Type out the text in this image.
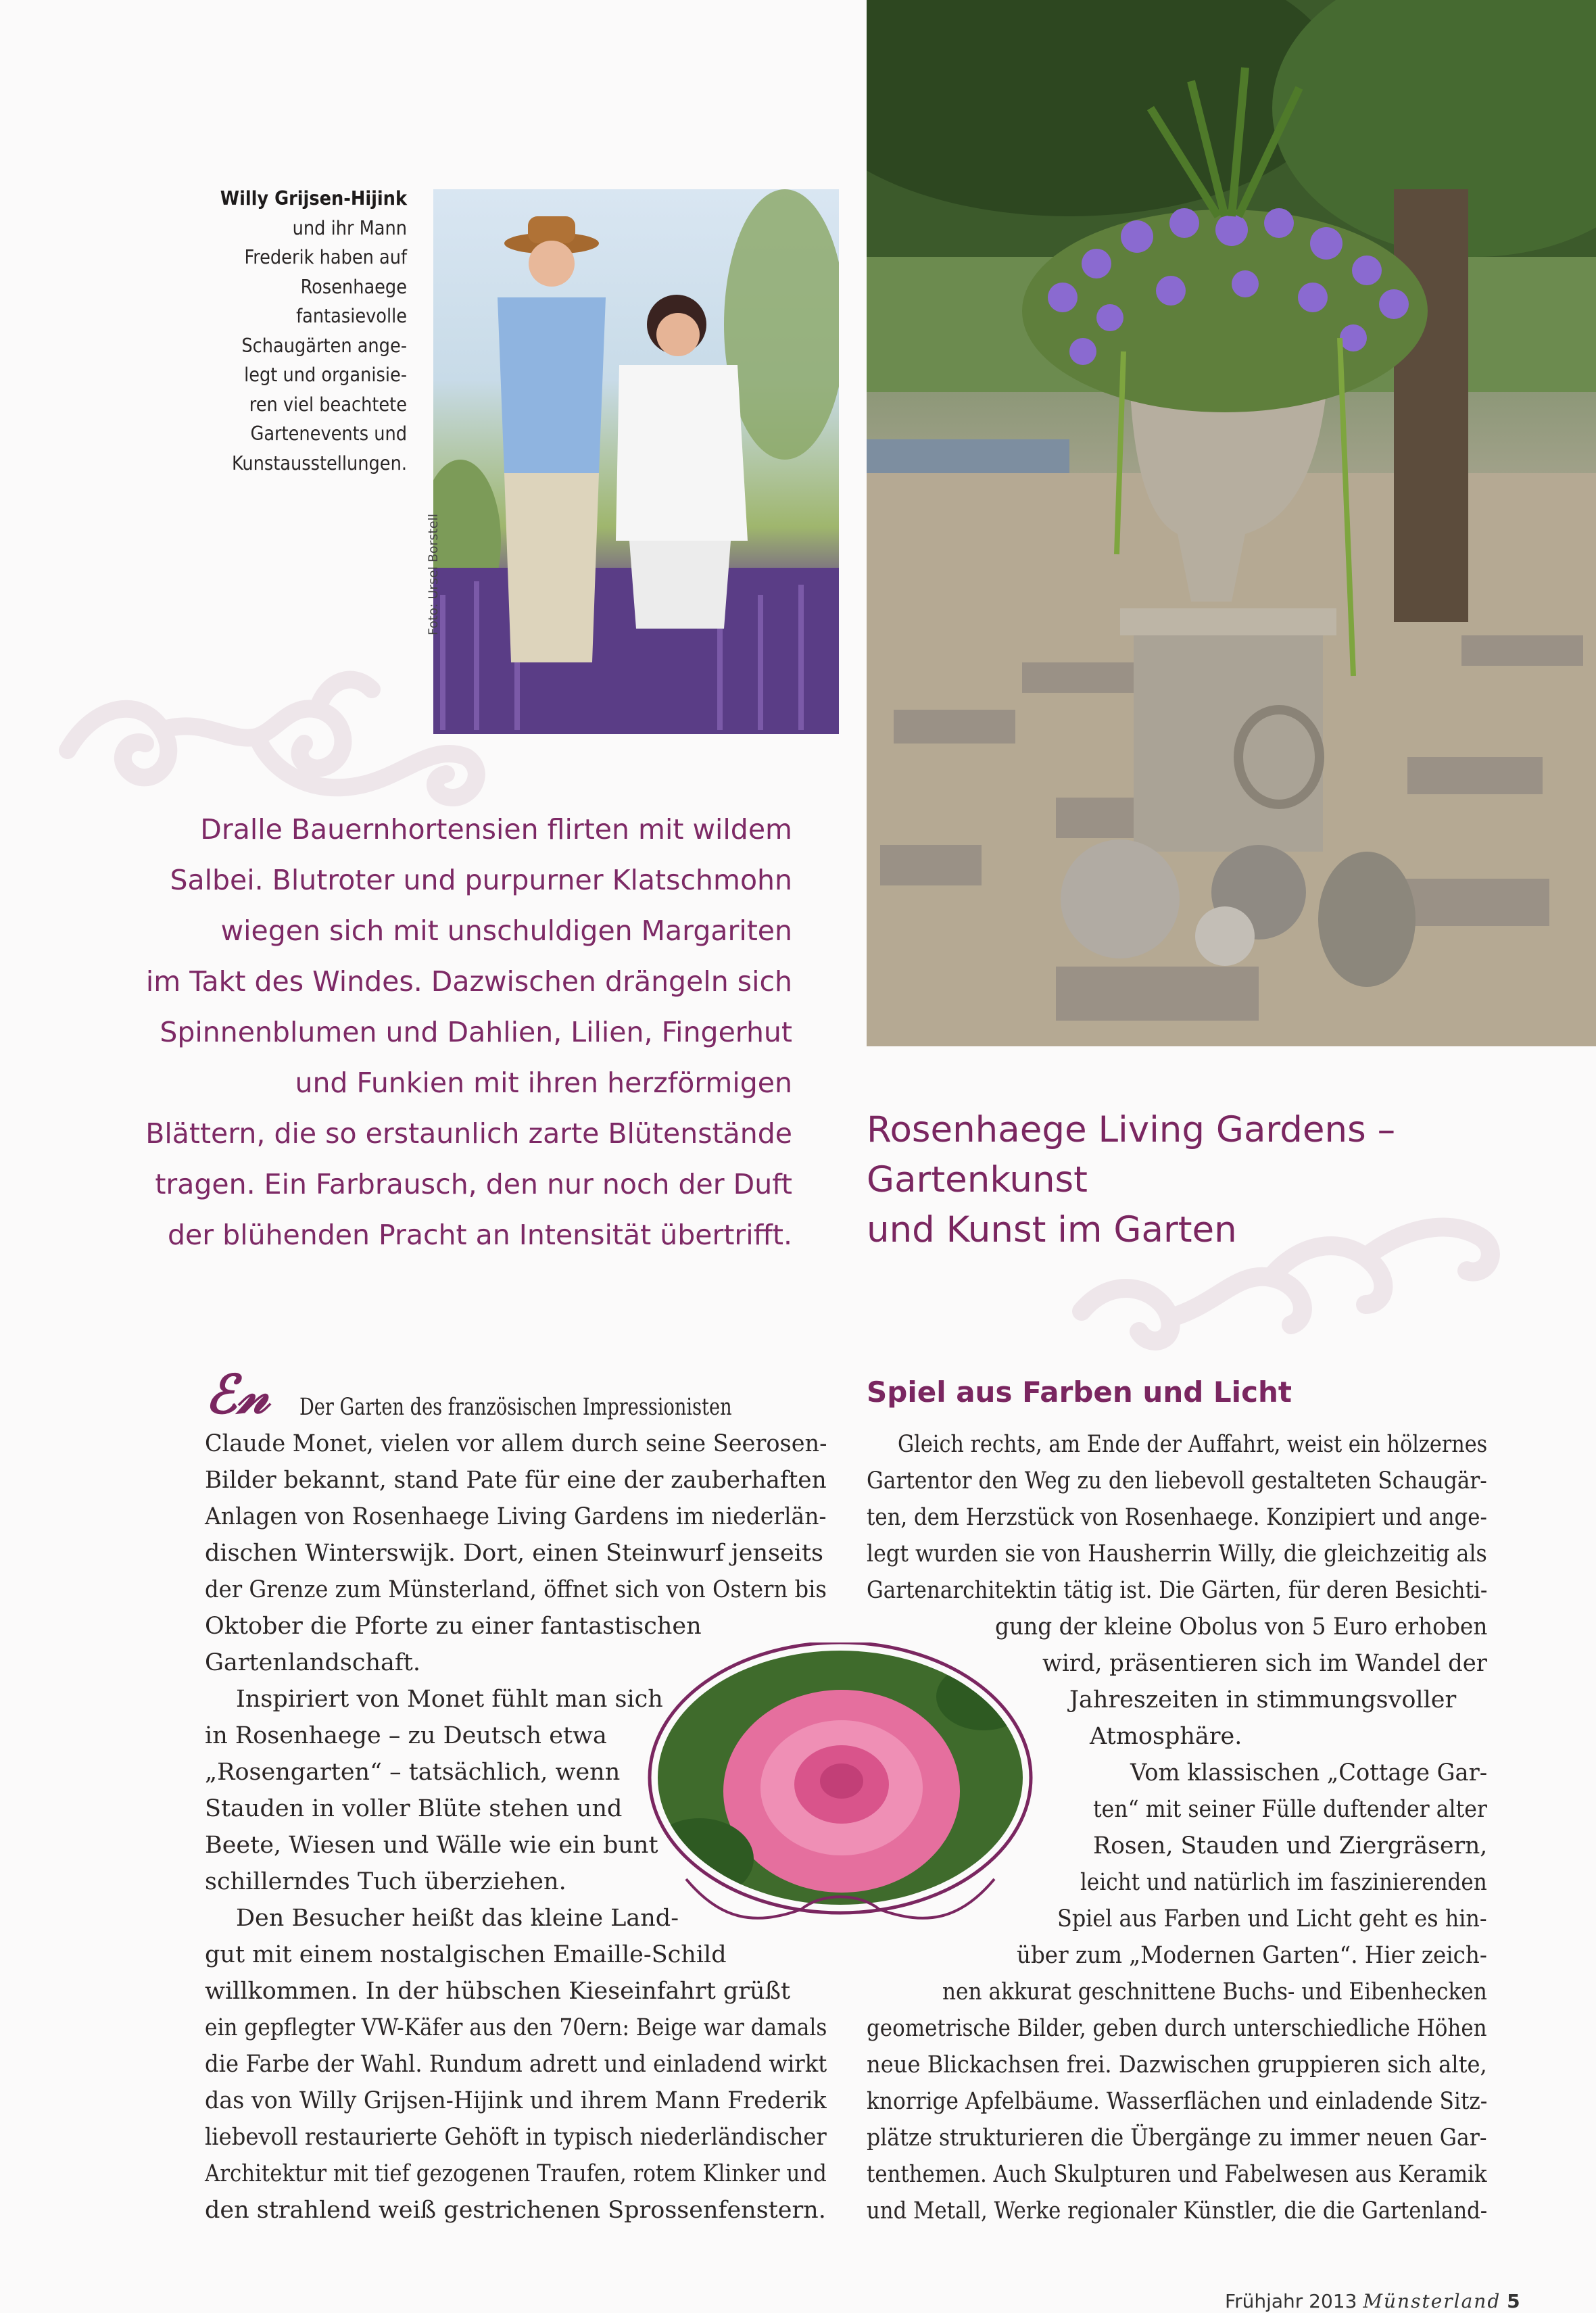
Willy Grijsen-Hijink
und ihr Mann
Frederik haben auf
Rosenhaege
fantasievolle
Schaugärten ange-
legt und organisie-
ren viel beachtete
Gartenevents und
Kunstausstellungen.
Foto: Ursel Borstell
Dralle Bauernhortensien flirten mit wildem
Salbei. Blutroter und purpurner Klatschmohn
wiegen sich mit unschuldigen Margariten
im Takt des Windes. Dazwischen drängeln sich
Spinnenblumen und Dahlien, Lilien, Fingerhut
und Funkien mit ihren herzförmigen
Blättern, die so erstaunlich zarte Blütenstände
tragen. Ein Farbrausch, den nur noch der Duft
der blühenden Pracht an Intensität übertrifft.
Rosenhaege Living Gardens –
Gartenkunst
und Kunst im Garten
ℰ𝓃	Der Garten des französischen Impressionisten
Claude Monet, vielen vor allem durch seine Seerosen-
Bilder bekannt, stand Pate für eine der zauberhaften
Anlagen von Rosenhaege Living Gardens im niederlän-
dischen Winterswijk. Dort, einen Steinwurf jenseits
der Grenze zum Münsterland, öffnet sich von Ostern bis
Oktober die Pforte zu einer fantastischen
Gartenlandschaft.
Inspiriert von Monet fühlt man sich
in Rosenhaege – zu Deutsch etwa
„Rosengarten“ – tatsächlich, wenn
Stauden in voller Blüte stehen und
Beete, Wiesen und Wälle wie ein bunt
schillerndes Tuch überziehen.
Den Besucher heißt das kleine Land-
gut mit einem nostalgischen Emaille-Schild
willkommen. In der hübschen Kieseinfahrt grüßt
ein gepflegter VW-Käfer aus den 70ern: Beige war damals
die Farbe der Wahl. Rundum adrett und einladend wirkt
das von Willy Grijsen-Hijink und ihrem Mann Frederik
liebevoll restaurierte Gehöft in typisch niederländischer
Architektur mit tief gezogenen Traufen, rotem Klinker und
den strahlend weiß gestrichenen Sprossenfenstern.
Spiel aus Farben und Licht
Gleich rechts, am Ende der Auffahrt, weist ein hölzernes
Gartentor den Weg zu den liebevoll gestalteten Schaugär-
ten, dem Herzstück von Rosenhaege. Konzipiert und ange-
legt wurden sie von Hausherrin Willy, die gleichzeitig als
Gartenarchitektin tätig ist. Die Gärten, für deren Besichti-
gung der kleine Obolus von 5 Euro erhoben
wird, präsentieren sich im Wandel der
Jahreszeiten in stimmungsvoller
Atmosphäre.
Vom klassischen „Cottage Gar-
ten“ mit seiner Fülle duftender alter
Rosen, Stauden und Ziergräsern,
leicht und natürlich im faszinierenden
Spiel aus Farben und Licht geht es hin-
über zum „Modernen Garten“. Hier zeich-
nen akkurat geschnittene Buchs- und Eibenhecken
geometrische Bilder, geben durch unterschiedliche Höhen
neue Blickachsen frei. Dazwischen gruppieren sich alte,
knorrige Apfelbäume. Wasserflächen und einladende Sitz-
plätze strukturieren die Übergänge zu immer neuen Gar-
tenthemen. Auch Skulpturen und Fabelwesen aus Keramik
und Metall, Werke regionaler Künstler, die die Gartenland-
Frühjahr 2013 Münsterland 5
